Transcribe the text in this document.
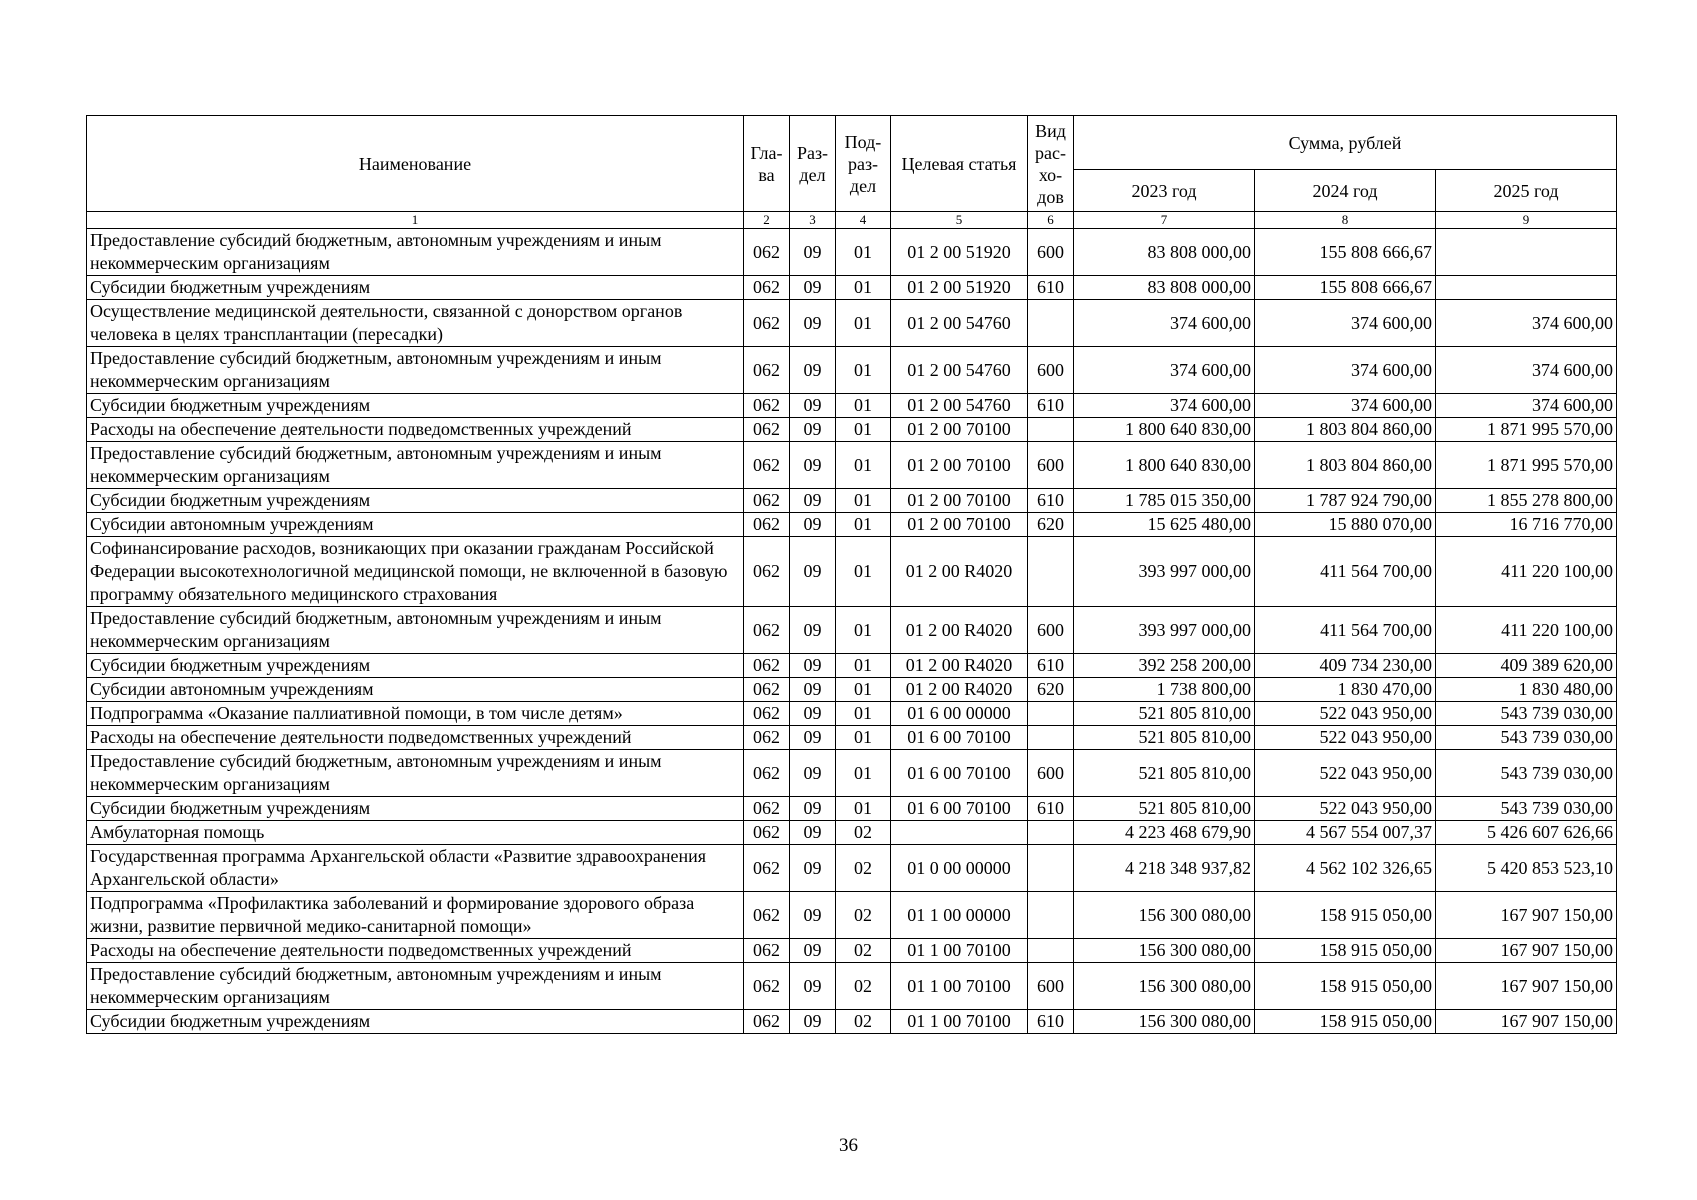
Наименование	Гла-ва	Раз-дел	Под-раз-дел	Целевая статья	Вид рас-хо-дов	Сумма, рублей		
						2023 год	2024 год	2025 год
1	2	3	4	5	6	7	8	9
Предоставление субсидий бюджетным, автономным учреждениям и иным некоммерческим организациям	062	09	01	01 2 00 51920	600	83 808 000,00	155 808 666,67	
Субсидии бюджетным учреждениям	062	09	01	01 2 00 51920	610	83 808 000,00	155 808 666,67	
Осуществление медицинской деятельности, связанной с донорством органов человека в целях трансплантации (пересадки)	062	09	01	01 2 00 54760		374 600,00	374 600,00	374 600,00
Предоставление субсидий бюджетным, автономным учреждениям и иным некоммерческим организациям	062	09	01	01 2 00 54760	600	374 600,00	374 600,00	374 600,00
Субсидии бюджетным учреждениям	062	09	01	01 2 00 54760	610	374 600,00	374 600,00	374 600,00
Расходы на обеспечение деятельности подведомственных учреждений	062	09	01	01 2 00 70100		1 800 640 830,00	1 803 804 860,00	1 871 995 570,00
Предоставление субсидий бюджетным, автономным учреждениям и иным некоммерческим организациям	062	09	01	01 2 00 70100	600	1 800 640 830,00	1 803 804 860,00	1 871 995 570,00
Субсидии бюджетным учреждениям	062	09	01	01 2 00 70100	610	1 785 015 350,00	1 787 924 790,00	1 855 278 800,00
Субсидии автономным учреждениям	062	09	01	01 2 00 70100	620	15 625 480,00	15 880 070,00	16 716 770,00
Софинансирование расходов, возникающих при оказании гражданам Российской Федерации высокотехнологичной медицинской помощи, не включенной в базовую программу обязательного медицинского страхования	062	09	01	01 2 00 R4020		393 997 000,00	411 564 700,00	411 220 100,00
Предоставление субсидий бюджетным, автономным учреждениям и иным некоммерческим организациям	062	09	01	01 2 00 R4020	600	393 997 000,00	411 564 700,00	411 220 100,00
Субсидии бюджетным учреждениям	062	09	01	01 2 00 R4020	610	392 258 200,00	409 734 230,00	409 389 620,00
Субсидии автономным учреждениям	062	09	01	01 2 00 R4020	620	1 738 800,00	1 830 470,00	1 830 480,00
Подпрограмма «Оказание паллиативной помощи, в том числе детям»	062	09	01	01 6 00 00000		521 805 810,00	522 043 950,00	543 739 030,00
Расходы на обеспечение деятельности подведомственных учреждений	062	09	01	01 6 00 70100		521 805 810,00	522 043 950,00	543 739 030,00
Предоставление субсидий бюджетным, автономным учреждениям и иным некоммерческим организациям	062	09	01	01 6 00 70100	600	521 805 810,00	522 043 950,00	543 739 030,00
Субсидии бюджетным учреждениям	062	09	01	01 6 00 70100	610	521 805 810,00	522 043 950,00	543 739 030,00
Амбулаторная помощь	062	09	02			4 223 468 679,90	4 567 554 007,37	5 426 607 626,66
Государственная программа Архангельской области «Развитие здравоохранения Архангельской области»	062	09	02	01 0 00 00000		4 218 348 937,82	4 562 102 326,65	5 420 853 523,10
Подпрограмма «Профилактика заболеваний и формирование здорового образа жизни, развитие первичной медико-санитарной помощи»	062	09	02	01 1 00 00000		156 300 080,00	158 915 050,00	167 907 150,00
Расходы на обеспечение деятельности подведомственных учреждений	062	09	02	01 1 00 70100		156 300 080,00	158 915 050,00	167 907 150,00
Предоставление субсидий бюджетным, автономным учреждениям и иным некоммерческим организациям	062	09	02	01 1 00 70100	600	156 300 080,00	158 915 050,00	167 907 150,00
Субсидии бюджетным учреждениям	062	09	02	01 1 00 70100	610	156 300 080,00	158 915 050,00	167 907 150,00
36
